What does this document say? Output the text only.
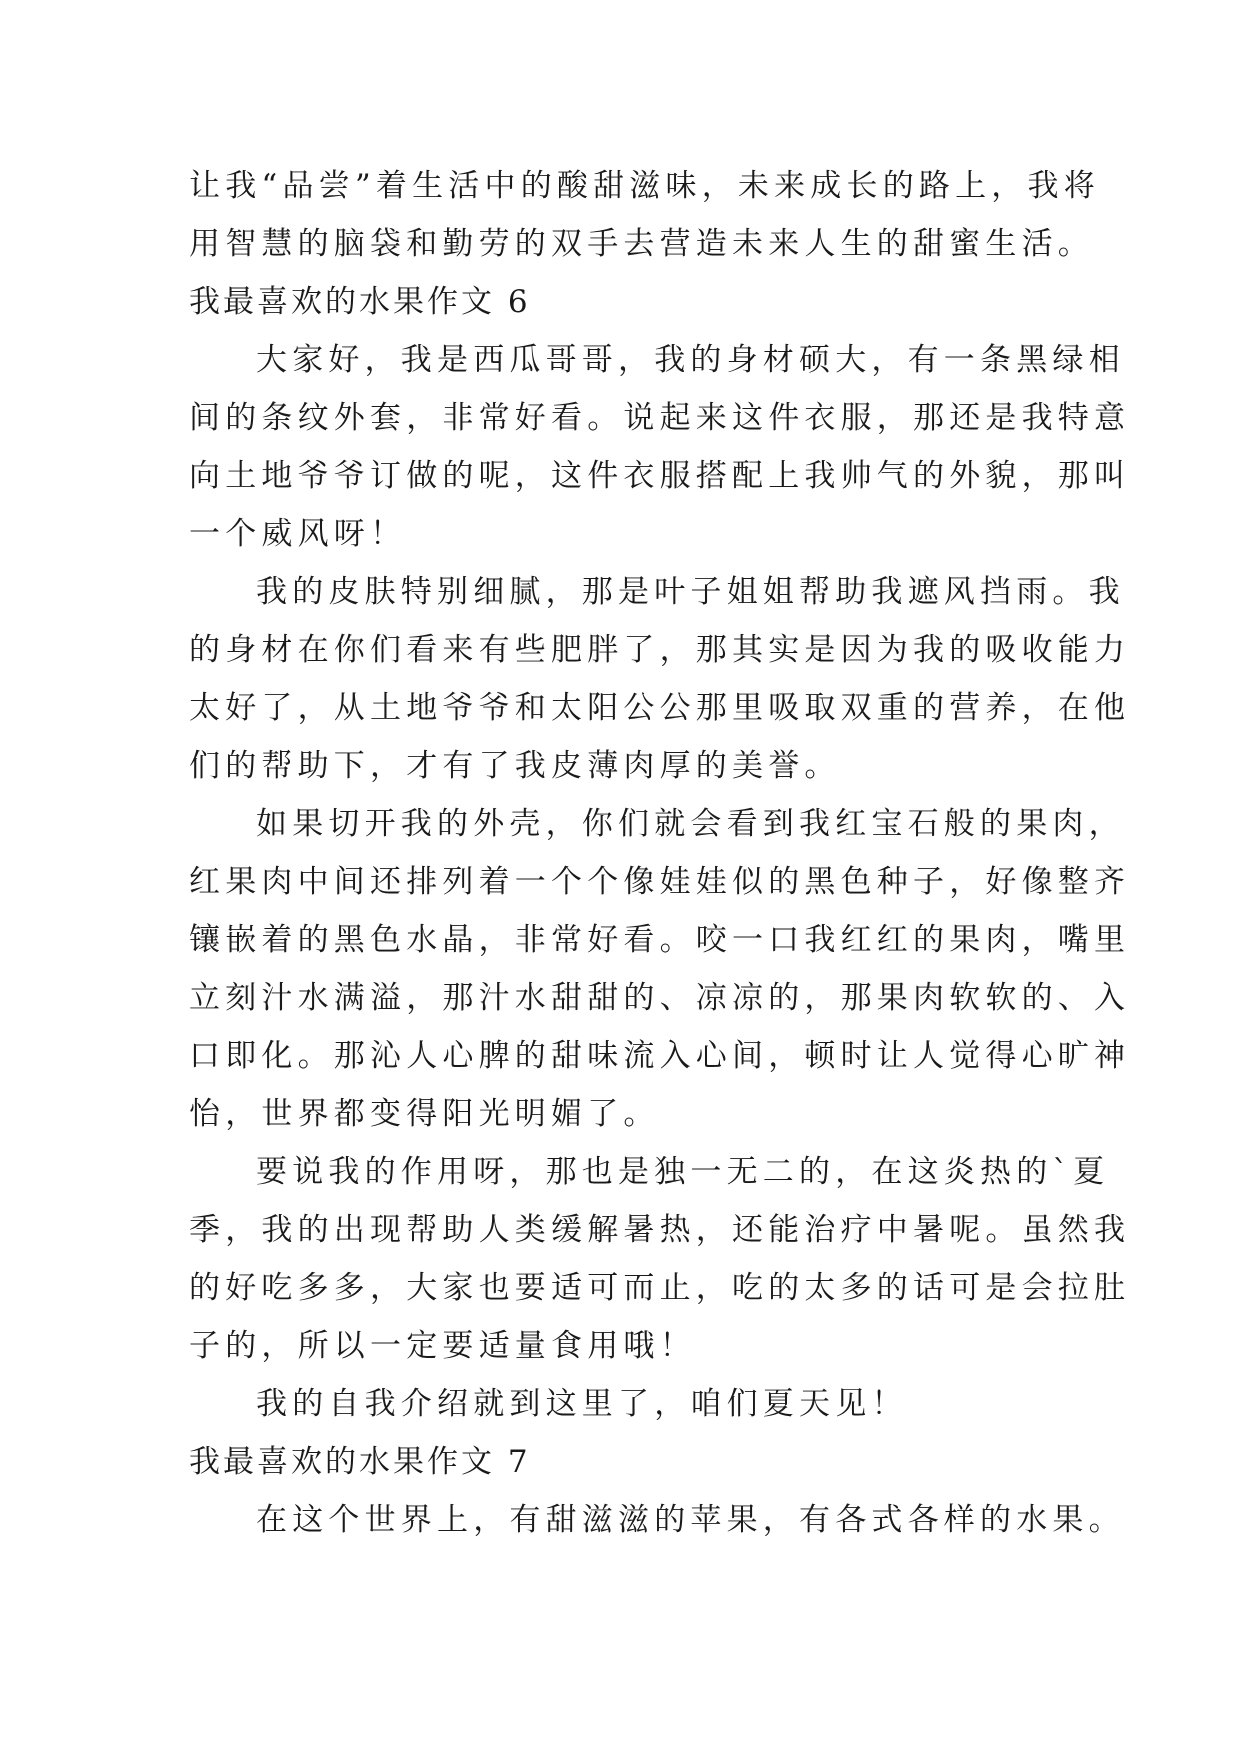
让我“品尝”着生活中的酸甜滋味，未来成长的路上，我将
用智慧的脑袋和勤劳的双手去营造未来人生的甜蜜生活。
我最喜欢的水果作文 6
大家好，我是西瓜哥哥，我的身材硕大，有一条黑绿相
间的条纹外套，非常好看。说起来这件衣服，那还是我特意
向土地爷爷订做的呢，这件衣服搭配上我帅气的外貌，那叫
一个威风呀！
我的皮肤特别细腻，那是叶子姐姐帮助我遮风挡雨。我
的身材在你们看来有些肥胖了，那其实是因为我的吸收能力
太好了，从土地爷爷和太阳公公那里吸取双重的营养，在他
们的帮助下，才有了我皮薄肉厚的美誉。
如果切开我的外壳，你们就会看到我红宝石般的果肉，
红果肉中间还排列着一个个像娃娃似的黑色种子，好像整齐
镶嵌着的黑色水晶，非常好看。咬一口我红红的果肉，嘴里
立刻汁水满溢，那汁水甜甜的、凉凉的，那果肉软软的、入
口即化。那沁人心脾的甜味流入心间，顿时让人觉得心旷神
怡，世界都变得阳光明媚了。
要说我的作用呀，那也是独一无二的，在这炎热的`夏
季，我的出现帮助人类缓解暑热，还能治疗中暑呢。虽然我
的好吃多多，大家也要适可而止，吃的太多的话可是会拉肚
子的，所以一定要适量食用哦！
我的自我介绍就到这里了，咱们夏天见！
我最喜欢的水果作文 7
在这个世界上，有甜滋滋的苹果，有各式各样的水果。
